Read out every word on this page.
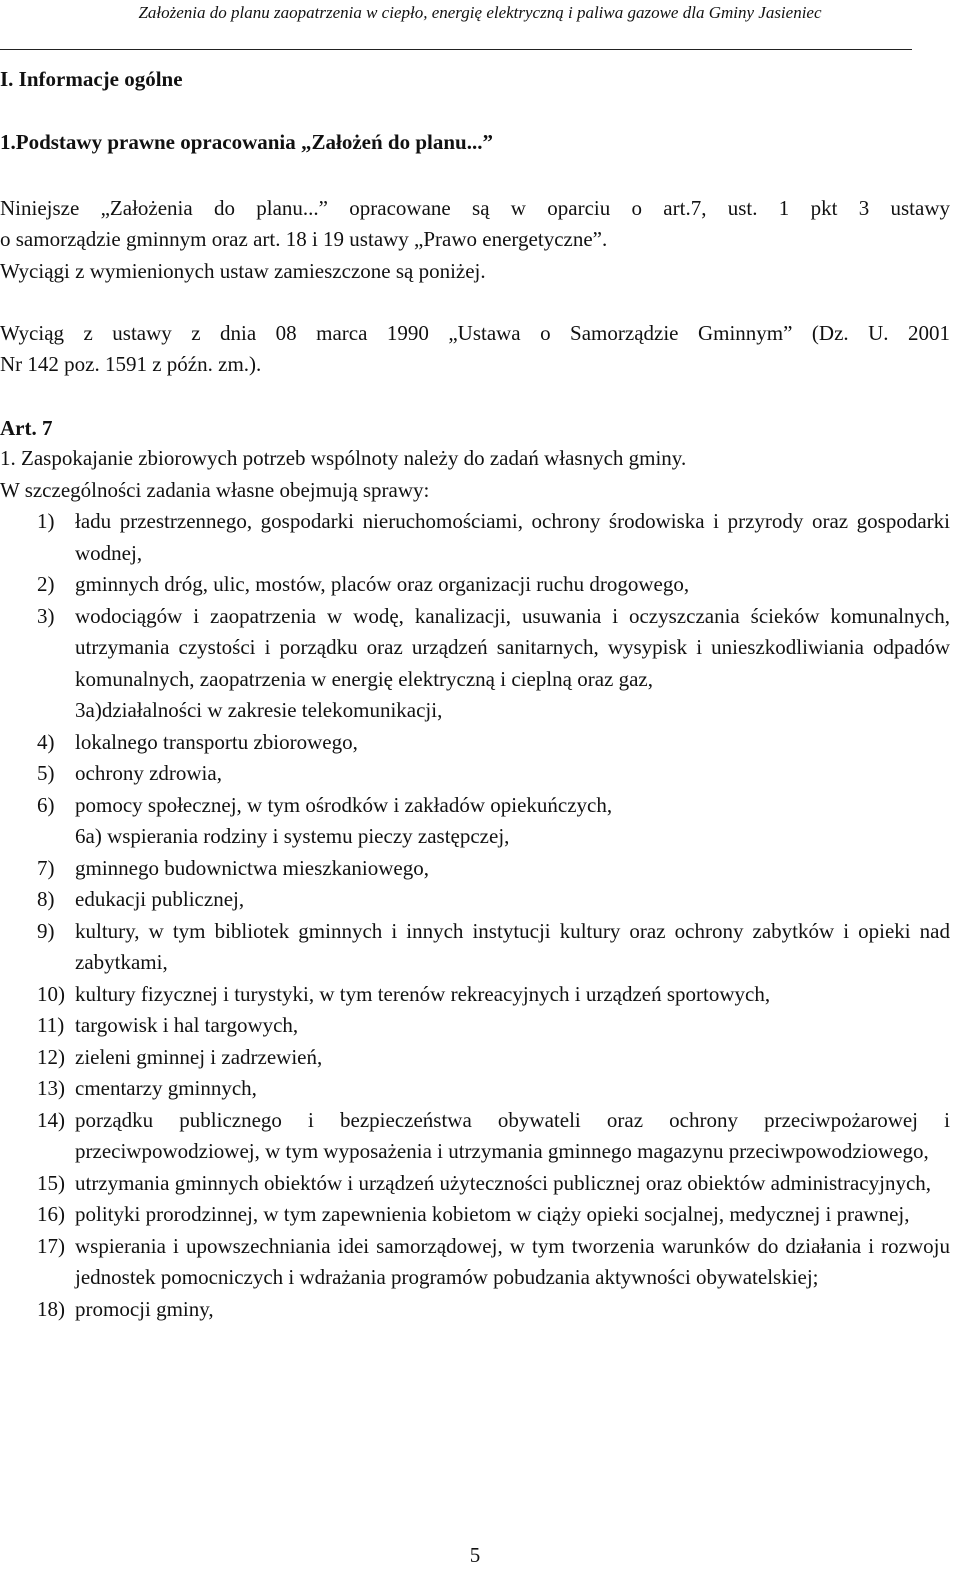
Założenia do planu zaopatrzenia w ciepło, energię elektryczną i paliwa gazowe dla Gminy Jasieniec
I. Informacje ogólne
1.Podstawy prawne opracowania „Założeń do planu...”
Niniejsze „Założenia do planu...” opracowane są w oparciu o art.7, ust. 1 pkt 3 ustawy
o samorządzie gminnym oraz art. 18 i 19 ustawy „Prawo energetyczne”.
Wyciągi z wymienionych ustaw zamieszczone są poniżej.
Wyciąg z ustawy z dnia 08 marca 1990 „Ustawa o Samorządzie Gminnym” (Dz. U. 2001
Nr 142 poz. 1591 z późn. zm.).
Art. 7
1. Zaspokajanie zbiorowych potrzeb wspólnoty należy do zadań własnych gminy.
W szczególności zadania własne obejmują sprawy:
1) ładu przestrzennego, gospodarki nieruchomościami, ochrony środowiska i przyrody oraz gospodarki wodnej,
2) gminnych dróg, ulic, mostów, placów oraz organizacji ruchu drogowego,
3) wodociągów i zaopatrzenia w wodę, kanalizacji, usuwania i oczyszczania ścieków komunalnych, utrzymania czystości i porządku oraz urządzeń sanitarnych, wysypisk i unieszkodliwiania odpadów komunalnych, zaopatrzenia w energię elektryczną i cieplną oraz gaz,
3a)działalności w zakresie telekomunikacji,
4) lokalnego transportu zbiorowego,
5) ochrony zdrowia,
6) pomocy społecznej, w tym ośrodków i zakładów opiekuńczych,
6a) wspierania rodziny i systemu pieczy zastępczej,
7) gminnego budownictwa mieszkaniowego,
8) edukacji publicznej,
9) kultury, w tym bibliotek gminnych i innych instytucji kultury oraz ochrony zabytków i opieki nad zabytkami,
10) kultury fizycznej i turystyki, w tym terenów rekreacyjnych i urządzeń sportowych,
11) targowisk i hal targowych,
12) zieleni gminnej i zadrzewień,
13) cmentarzy gminnych,
14) porządku publicznego i bezpieczeństwa obywateli oraz ochrony przeciwpożarowej i przeciwpowodziowej, w tym wyposażenia i utrzymania gminnego magazynu przeciwpowodziowego,
15) utrzymania gminnych obiektów i urządzeń użyteczności publicznej oraz obiektów administracyjnych,
16) polityki prorodzinnej, w tym zapewnienia kobietom w ciąży opieki socjalnej, medycznej i prawnej,
17) wspierania i upowszechniania idei samorządowej, w tym tworzenia warunków do działania i rozwoju jednostek pomocniczych i wdrażania programów pobudzania aktywności obywatelskiej;
18) promocji gminy,
5
